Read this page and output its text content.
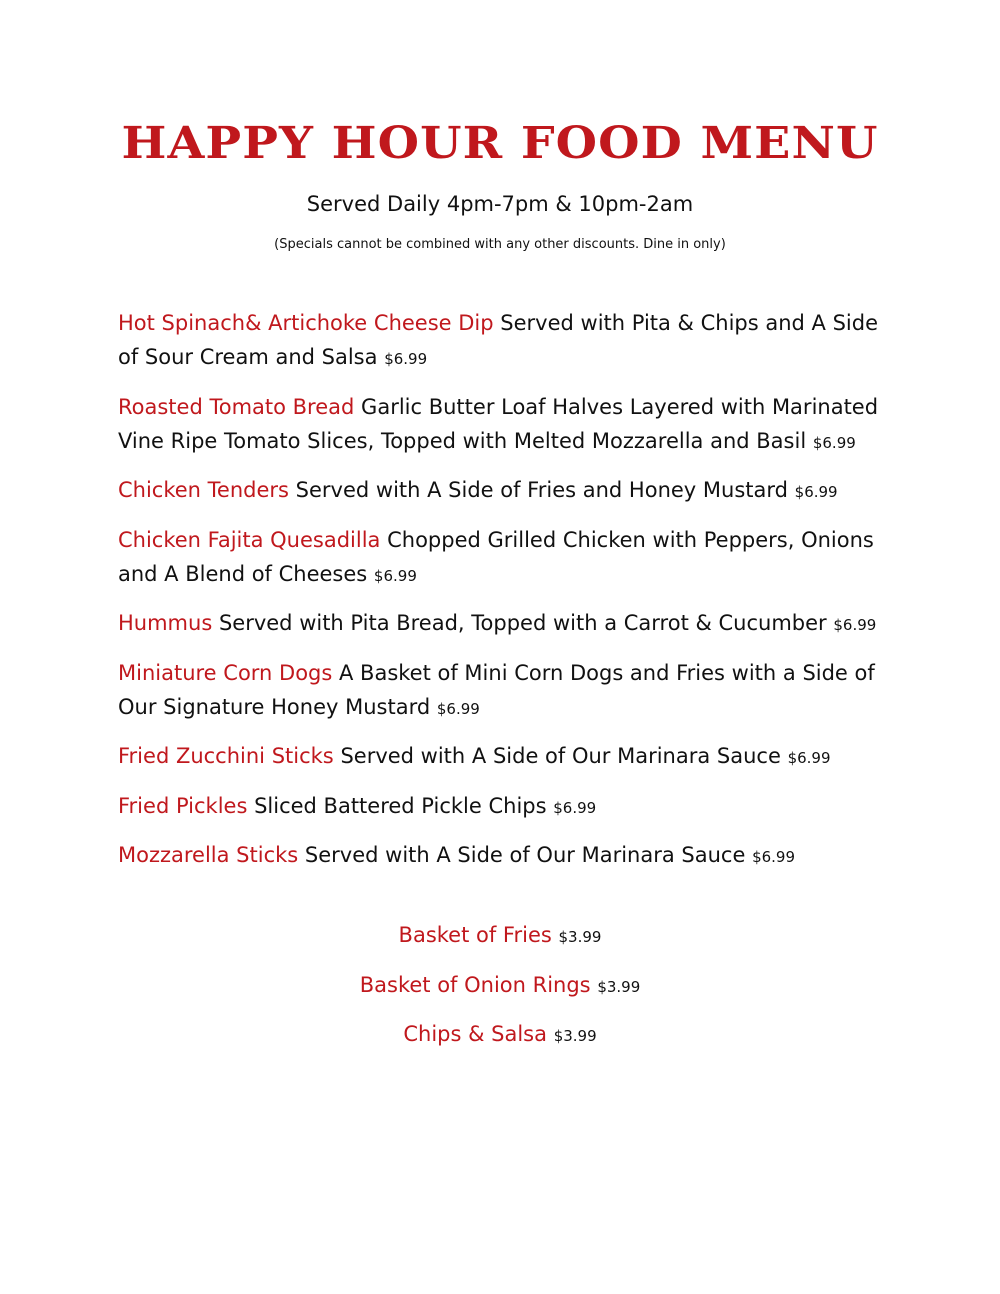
HAPPY HOUR FOOD MENU
Served Daily 4pm-7pm & 10pm-2am
(Specials cannot be combined with any other discounts. Dine in only)
Hot Spinach& Artichoke Cheese Dip Served with Pita & Chips and A Side of Sour Cream and Salsa $6.99
Roasted Tomato Bread Garlic Butter Loaf Halves Layered with Marinated Vine Ripe Tomato Slices, Topped with Melted Mozzarella and Basil $6.99
Chicken Tenders Served with A Side of Fries and Honey Mustard $6.99
Chicken Fajita Quesadilla Chopped Grilled Chicken with Peppers, Onions and A Blend of Cheeses $6.99
Hummus Served with Pita Bread, Topped with a Carrot & Cucumber $6.99
Miniature Corn Dogs A Basket of Mini Corn Dogs and Fries with a Side of Our Signature Honey Mustard $6.99
Fried Zucchini Sticks Served with A Side of Our Marinara Sauce $6.99
Fried Pickles Sliced Battered Pickle Chips $6.99
Mozzarella Sticks Served with A Side of Our Marinara Sauce $6.99
Basket of Fries $3.99
Basket of Onion Rings $3.99
Chips & Salsa $3.99
